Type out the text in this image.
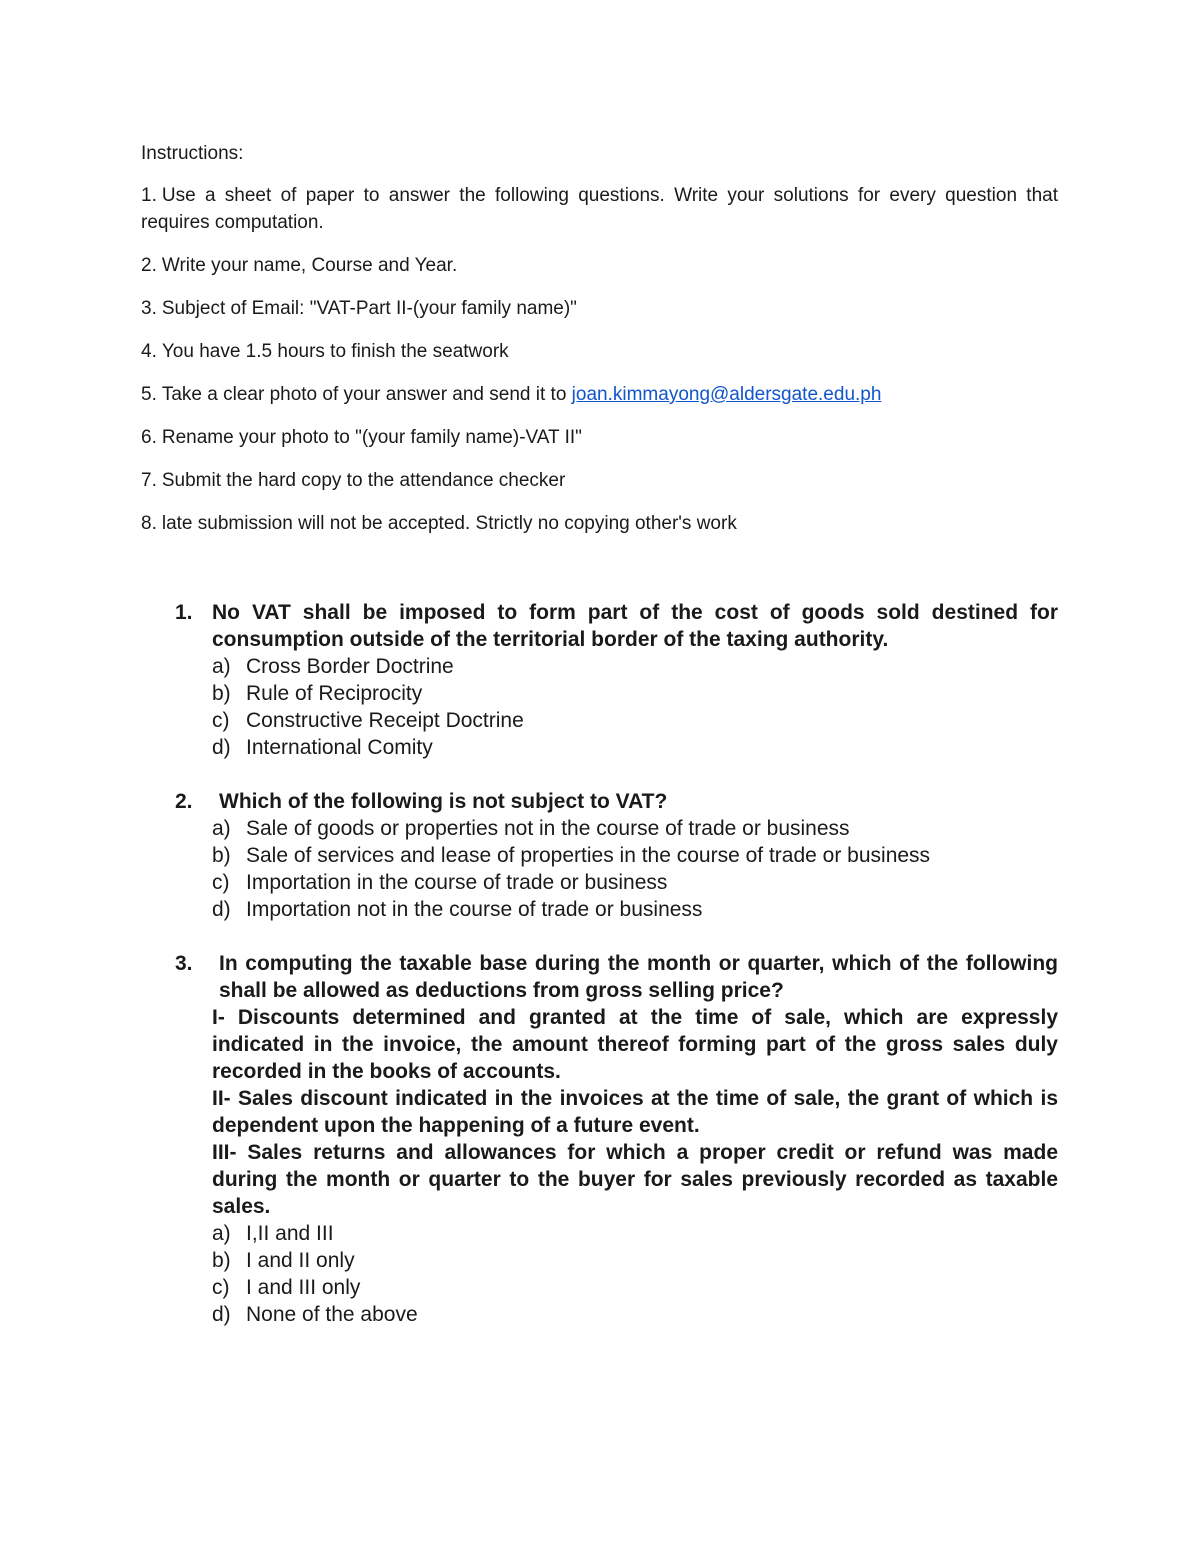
Instructions:
1. Use a sheet of paper to answer the following questions. Write your solutions for every question that requires computation.
2. Write your name, Course and Year.
3. Subject of Email: "VAT-Part II-(your family name)"
4. You have 1.5 hours to finish the seatwork
5. Take a clear photo of your answer and send it to joan.kimmayong@aldersgate.edu.ph
6. Rename your photo to "(your family name)-VAT II"
7. Submit the hard copy to the attendance checker
8. late submission will not be accepted. Strictly no copying other's work
1. No VAT shall be imposed to form part of the cost of goods sold destined for consumption outside of the territorial border of the taxing authority.
a) Cross Border Doctrine
b) Rule of Reciprocity
c) Constructive Receipt Doctrine
d) International Comity
2.	Which of the following is not subject to VAT?
a) Sale of goods or properties not in the course of trade or business
b) Sale of services and lease of properties in the course of trade or business
c) Importation in the course of trade or business
d) Importation not in the course of trade or business
3.	In computing the taxable base during the month or quarter, which of the following shall be allowed as deductions from gross selling price?
I- Discounts determined and granted at the time of sale, which are expressly indicated in the invoice, the amount thereof forming part of the gross sales duly recorded in the books of accounts.
II- Sales discount indicated in the invoices at the time of sale, the grant of which is dependent upon the happening of a future event.
III- Sales returns and allowances for which a proper credit or refund was made during the month or quarter to the buyer for sales previously recorded as taxable sales.
a) I,II and III
b) I and II only
c) I and III only
d) None of the above
